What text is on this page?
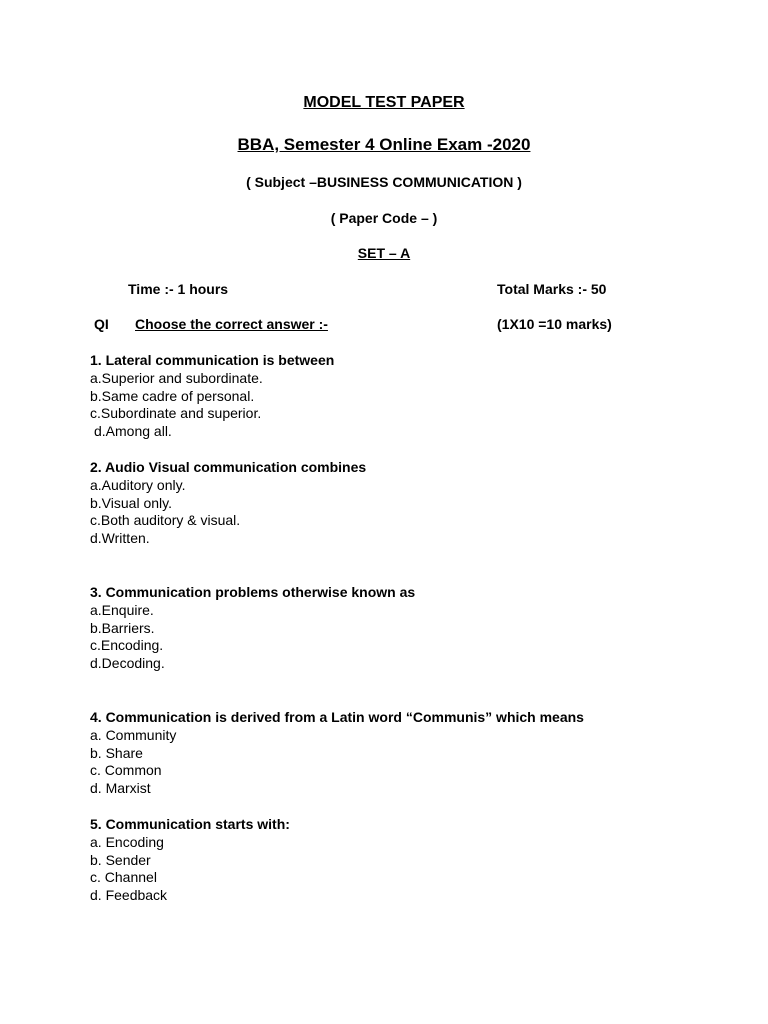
MODEL TEST PAPER
BBA, Semester 4 Online Exam -2020
( Subject –BUSINESS COMMUNICATION )
( Paper Code – )
SET – A
Time :- 1 hours	Total Marks :- 50
QI Choose the correct answer :-	(1X10 =10 marks)
1. Lateral communication is between
a.Superior and subordinate.
b.Same cadre of personal.
c.Subordinate and superior.
d.Among all.
2. Audio Visual communication combines
a.Auditory only.
b.Visual only.
c.Both auditory & visual.
d.Written.
3. Communication problems otherwise known as
a.Enquire.
b.Barriers.
c.Encoding.
d.Decoding.
4. Communication is derived from a Latin word “Communis” which means
a. Community
b. Share
c. Common
d. Marxist
5. Communication starts with:
a. Encoding
b. Sender
c. Channel
d. Feedback
